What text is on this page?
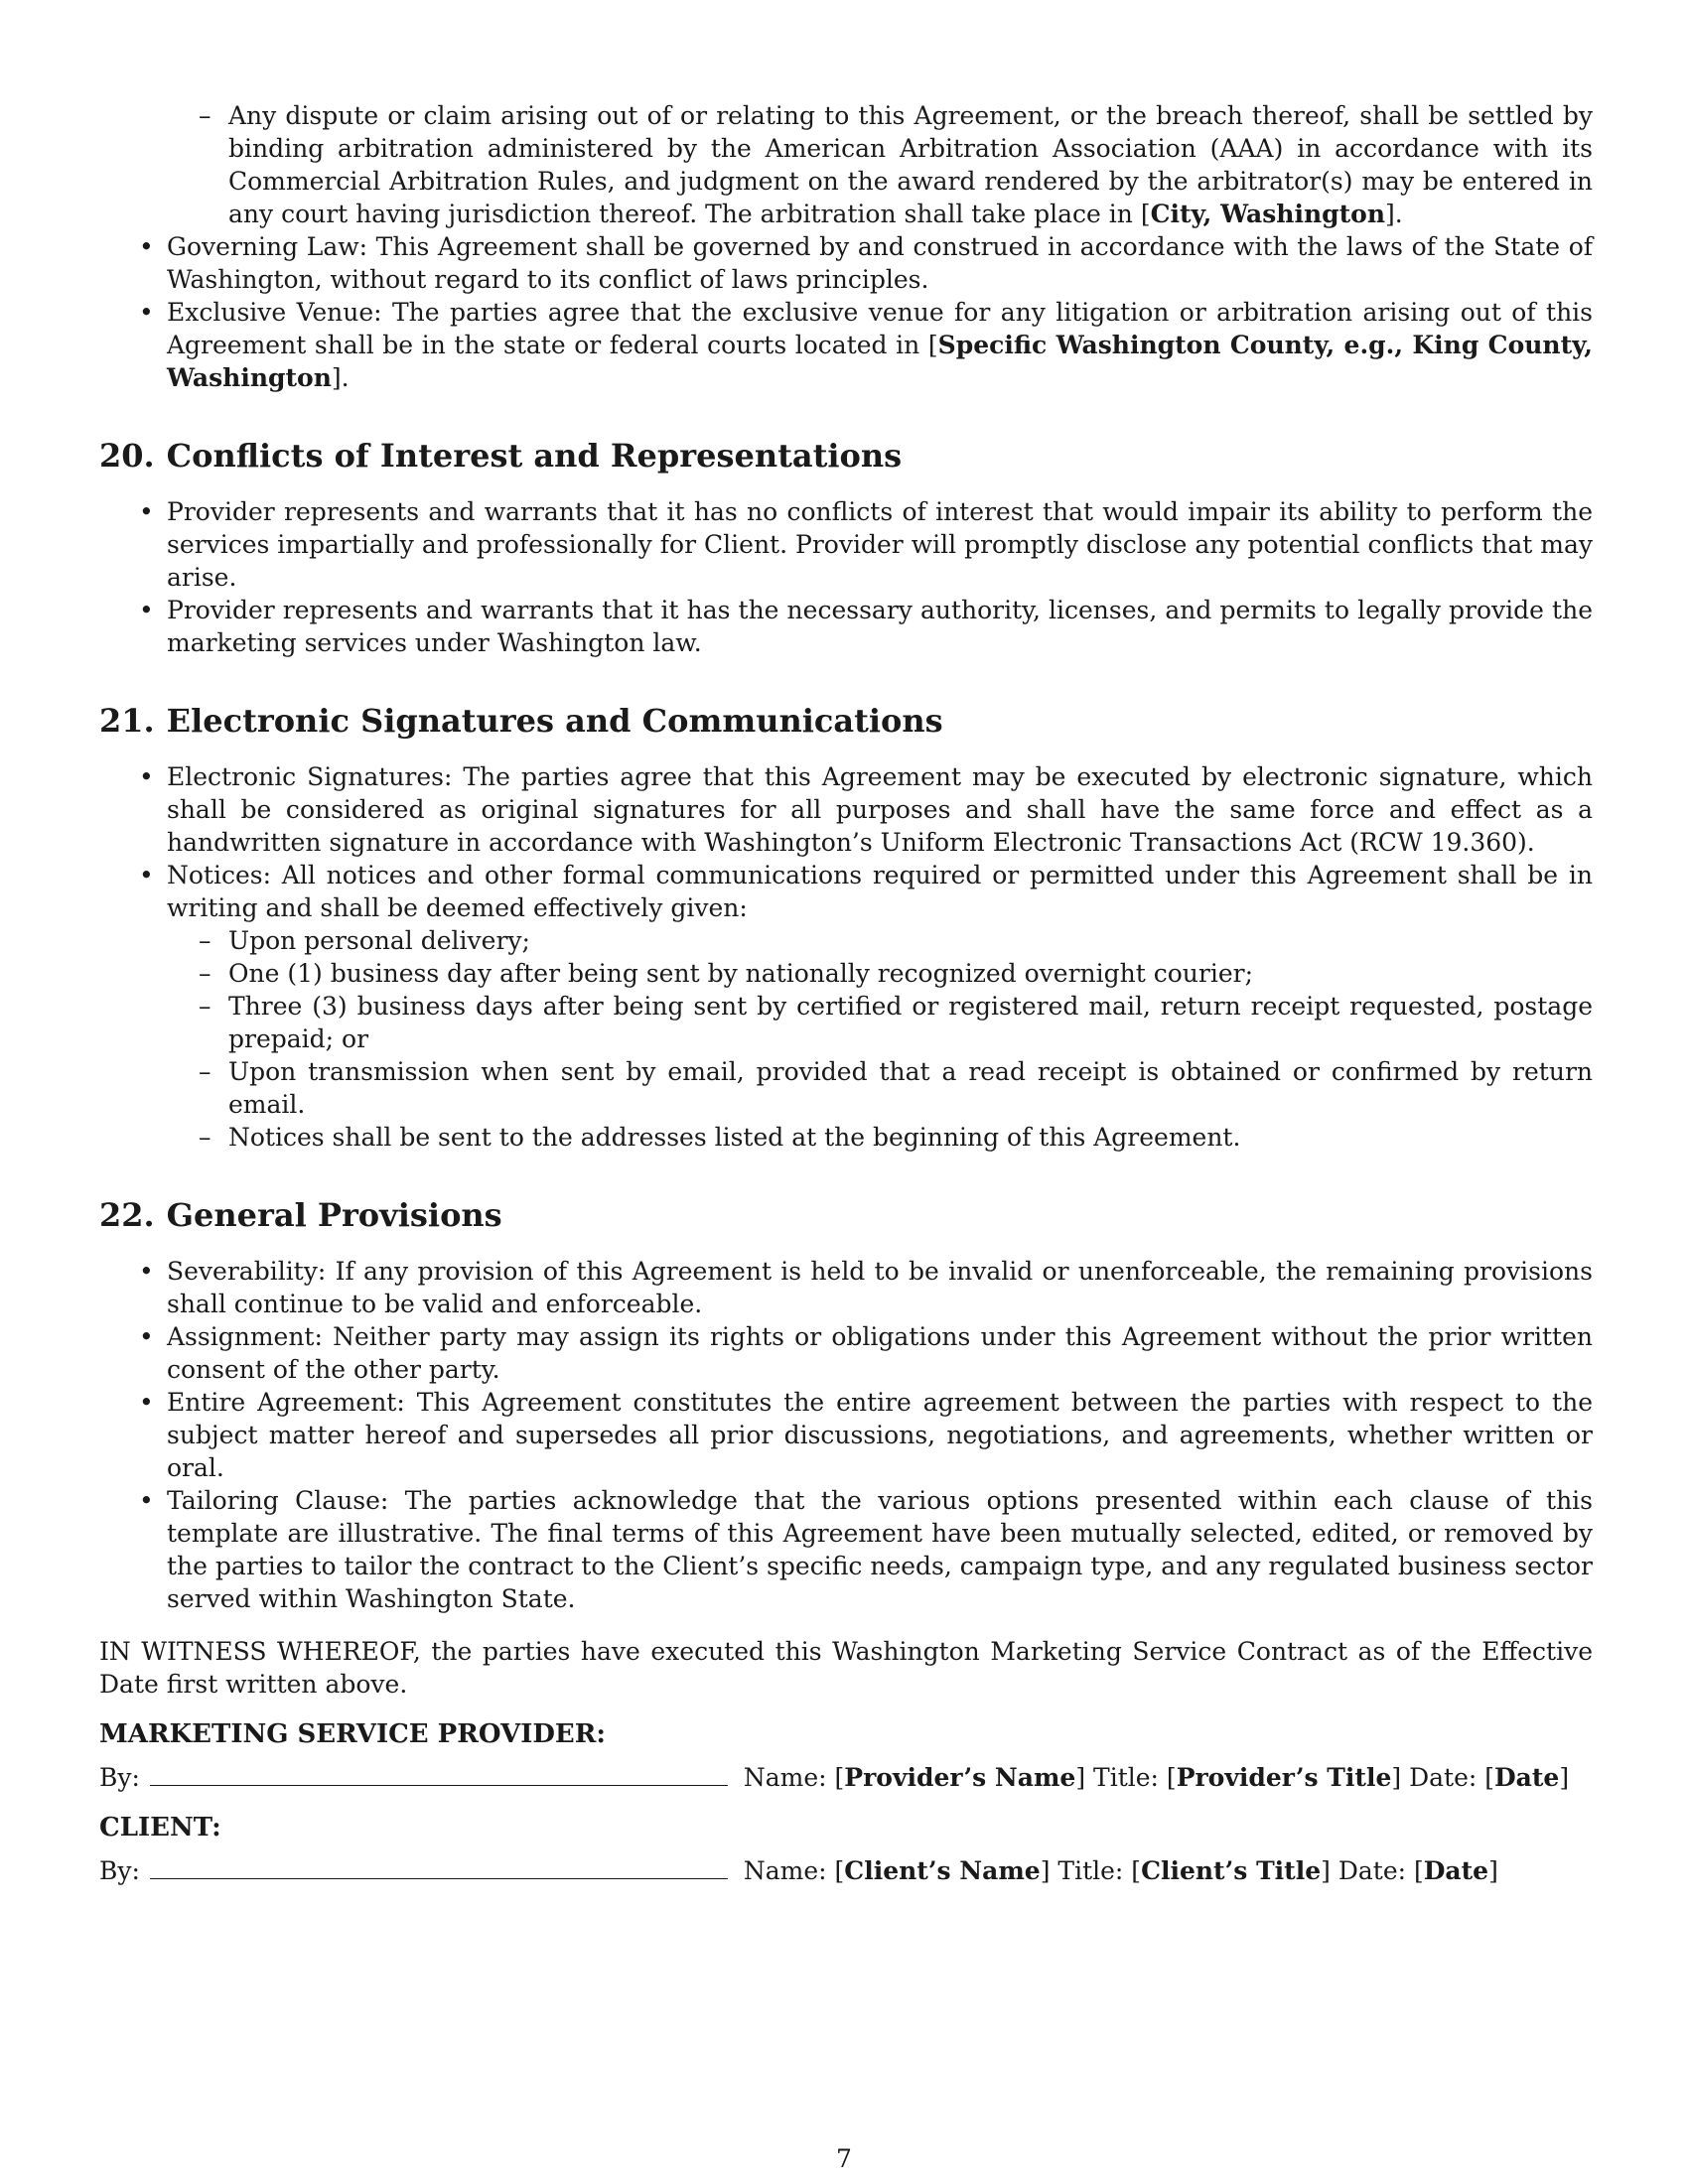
– Any dispute or claim arising out of or relating to this Agreement, or the breach thereof, shall be settled by binding arbitration administered by the American Arbitration Association (AAA) in accordance with its Commercial Arbitration Rules, and judgment on the award rendered by the arbitrator(s) may be entered in any court having jurisdiction thereof. The arbitration shall take place in [City, Washington].
• Governing Law: This Agreement shall be governed by and construed in accordance with the laws of the State of Washington, without regard to its conflict of laws principles.
• Exclusive Venue: The parties agree that the exclusive venue for any litigation or arbitration arising out of this Agreement shall be in the state or federal courts located in [Specific Washington County, e.g., King County, Washington].
20. Conflicts of Interest and Representations
• Provider represents and warrants that it has no conflicts of interest that would impair its ability to perform the services impartially and professionally for Client. Provider will promptly disclose any potential conflicts that may arise.
• Provider represents and warrants that it has the necessary authority, licenses, and permits to legally provide the marketing services under Washington law.
21. Electronic Signatures and Communications
• Electronic Signatures: The parties agree that this Agreement may be executed by electronic signature, which shall be considered as original signatures for all purposes and shall have the same force and effect as a handwritten signature in accordance with Washington’s Uniform Electronic Transactions Act (RCW 19.360).
• Notices: All notices and other formal communications required or permitted under this Agreement shall be in writing and shall be deemed effectively given:
– Upon personal delivery;
– One (1) business day after being sent by nationally recognized overnight courier;
– Three (3) business days after being sent by certified or registered mail, return receipt requested, postage prepaid; or
– Upon transmission when sent by email, provided that a read receipt is obtained or confirmed by return email.
– Notices shall be sent to the addresses listed at the beginning of this Agreement.
22. General Provisions
• Severability: If any provision of this Agreement is held to be invalid or unenforceable, the remaining provisions shall continue to be valid and enforceable.
• Assignment: Neither party may assign its rights or obligations under this Agreement without the prior written consent of the other party.
• Entire Agreement: This Agreement constitutes the entire agreement between the parties with respect to the subject matter hereof and supersedes all prior discussions, negotiations, and agreements, whether written or oral.
• Tailoring Clause: The parties acknowledge that the various options presented within each clause of this template are illustrative. The final terms of this Agreement have been mutually selected, edited, or removed by the parties to tailor the contract to the Client’s specific needs, campaign type, and any regulated business sector served within Washington State.
IN WITNESS WHEREOF, the parties have executed this Washington Marketing Service Contract as of the Effective Date first written above.
MARKETING SERVICE PROVIDER:
By:	Name: [Provider’s Name] Title: [Provider’s Title] Date: [Date]
CLIENT:
By:	Name: [Client’s Name] Title: [Client’s Title] Date: [Date]
7
